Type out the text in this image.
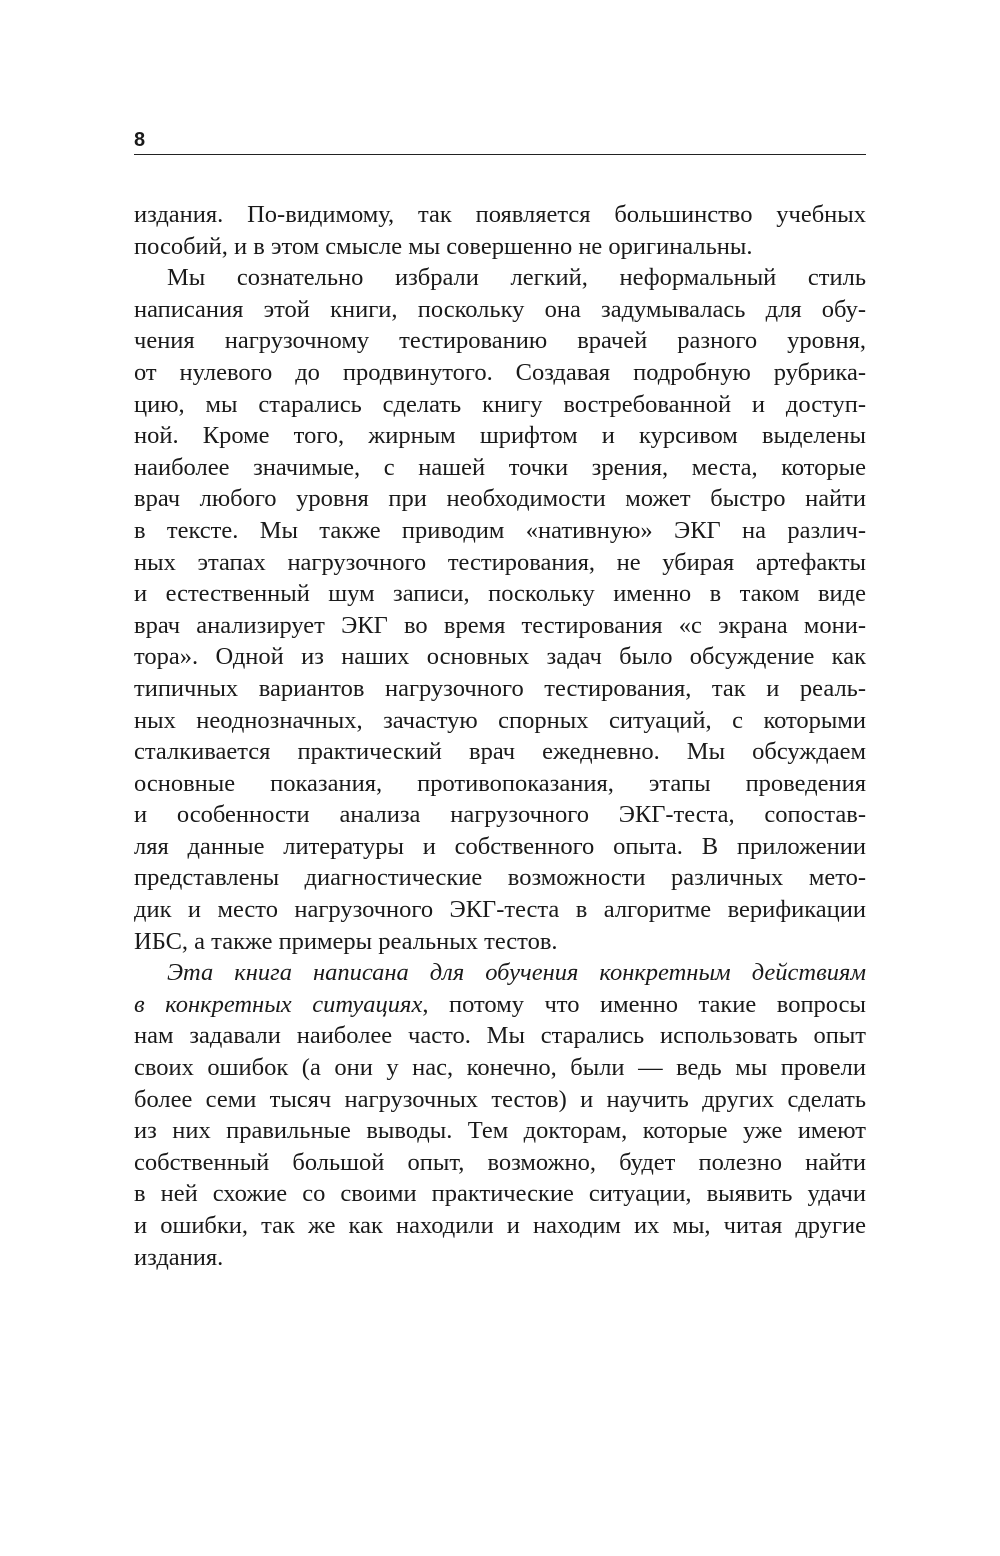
8
издания. По-видимому, так появляется большинство учебных
пособий, и в этом смысле мы совершенно не оригинальны.
Мы сознательно избрали легкий, неформальный стиль
написания этой книги, поскольку она задумывалась для обу-
чения нагрузочному тестированию врачей разного уровня,
от нулевого до продвинутого. Создавая подробную рубрика-
цию, мы старались сделать книгу востребованной и доступ-
ной. Кроме того, жирным шрифтом и курсивом выделены
наиболее значимые, с нашей точки зрения, места, которые
врач любого уровня при необходимости может быстро найти
в тексте. Мы также приводим «нативную» ЭКГ на различ-
ных этапах нагрузочного тестирования, не убирая артефакты
и естественный шум записи, поскольку именно в таком виде
врач анализирует ЭКГ во время тестирования «с экрана мони-
тора». Одной из наших основных задач было обсуждение как
типичных вариантов нагрузочного тестирования, так и реаль-
ных неоднозначных, зачастую спорных ситуаций, с которыми
сталкивается практический врач ежедневно. Мы обсуждаем
основные показания, противопоказания, этапы проведения
и особенности анализа нагрузочного ЭКГ-теста, сопостав-
ляя данные литературы и собственного опыта. В приложении
представлены диагностические возможности различных мето-
дик и место нагрузочного ЭКГ-теста в алгоритме верификации
ИБС, а также примеры реальных тестов.
Эта книга написана для обучения конкретным действиям
в конкретных ситуациях, потому что именно такие вопросы
нам задавали наиболее часто. Мы старались использовать опыт
своих ошибок (а они у нас, конечно, были — ведь мы провели
более семи тысяч нагрузочных тестов) и научить других сделать
из них правильные выводы. Тем докторам, которые уже имеют
собственный большой опыт, возможно, будет полезно найти
в ней схожие со своими практические ситуации, выявить удачи
и ошибки, так же как находили и находим их мы, читая другие
издания.
